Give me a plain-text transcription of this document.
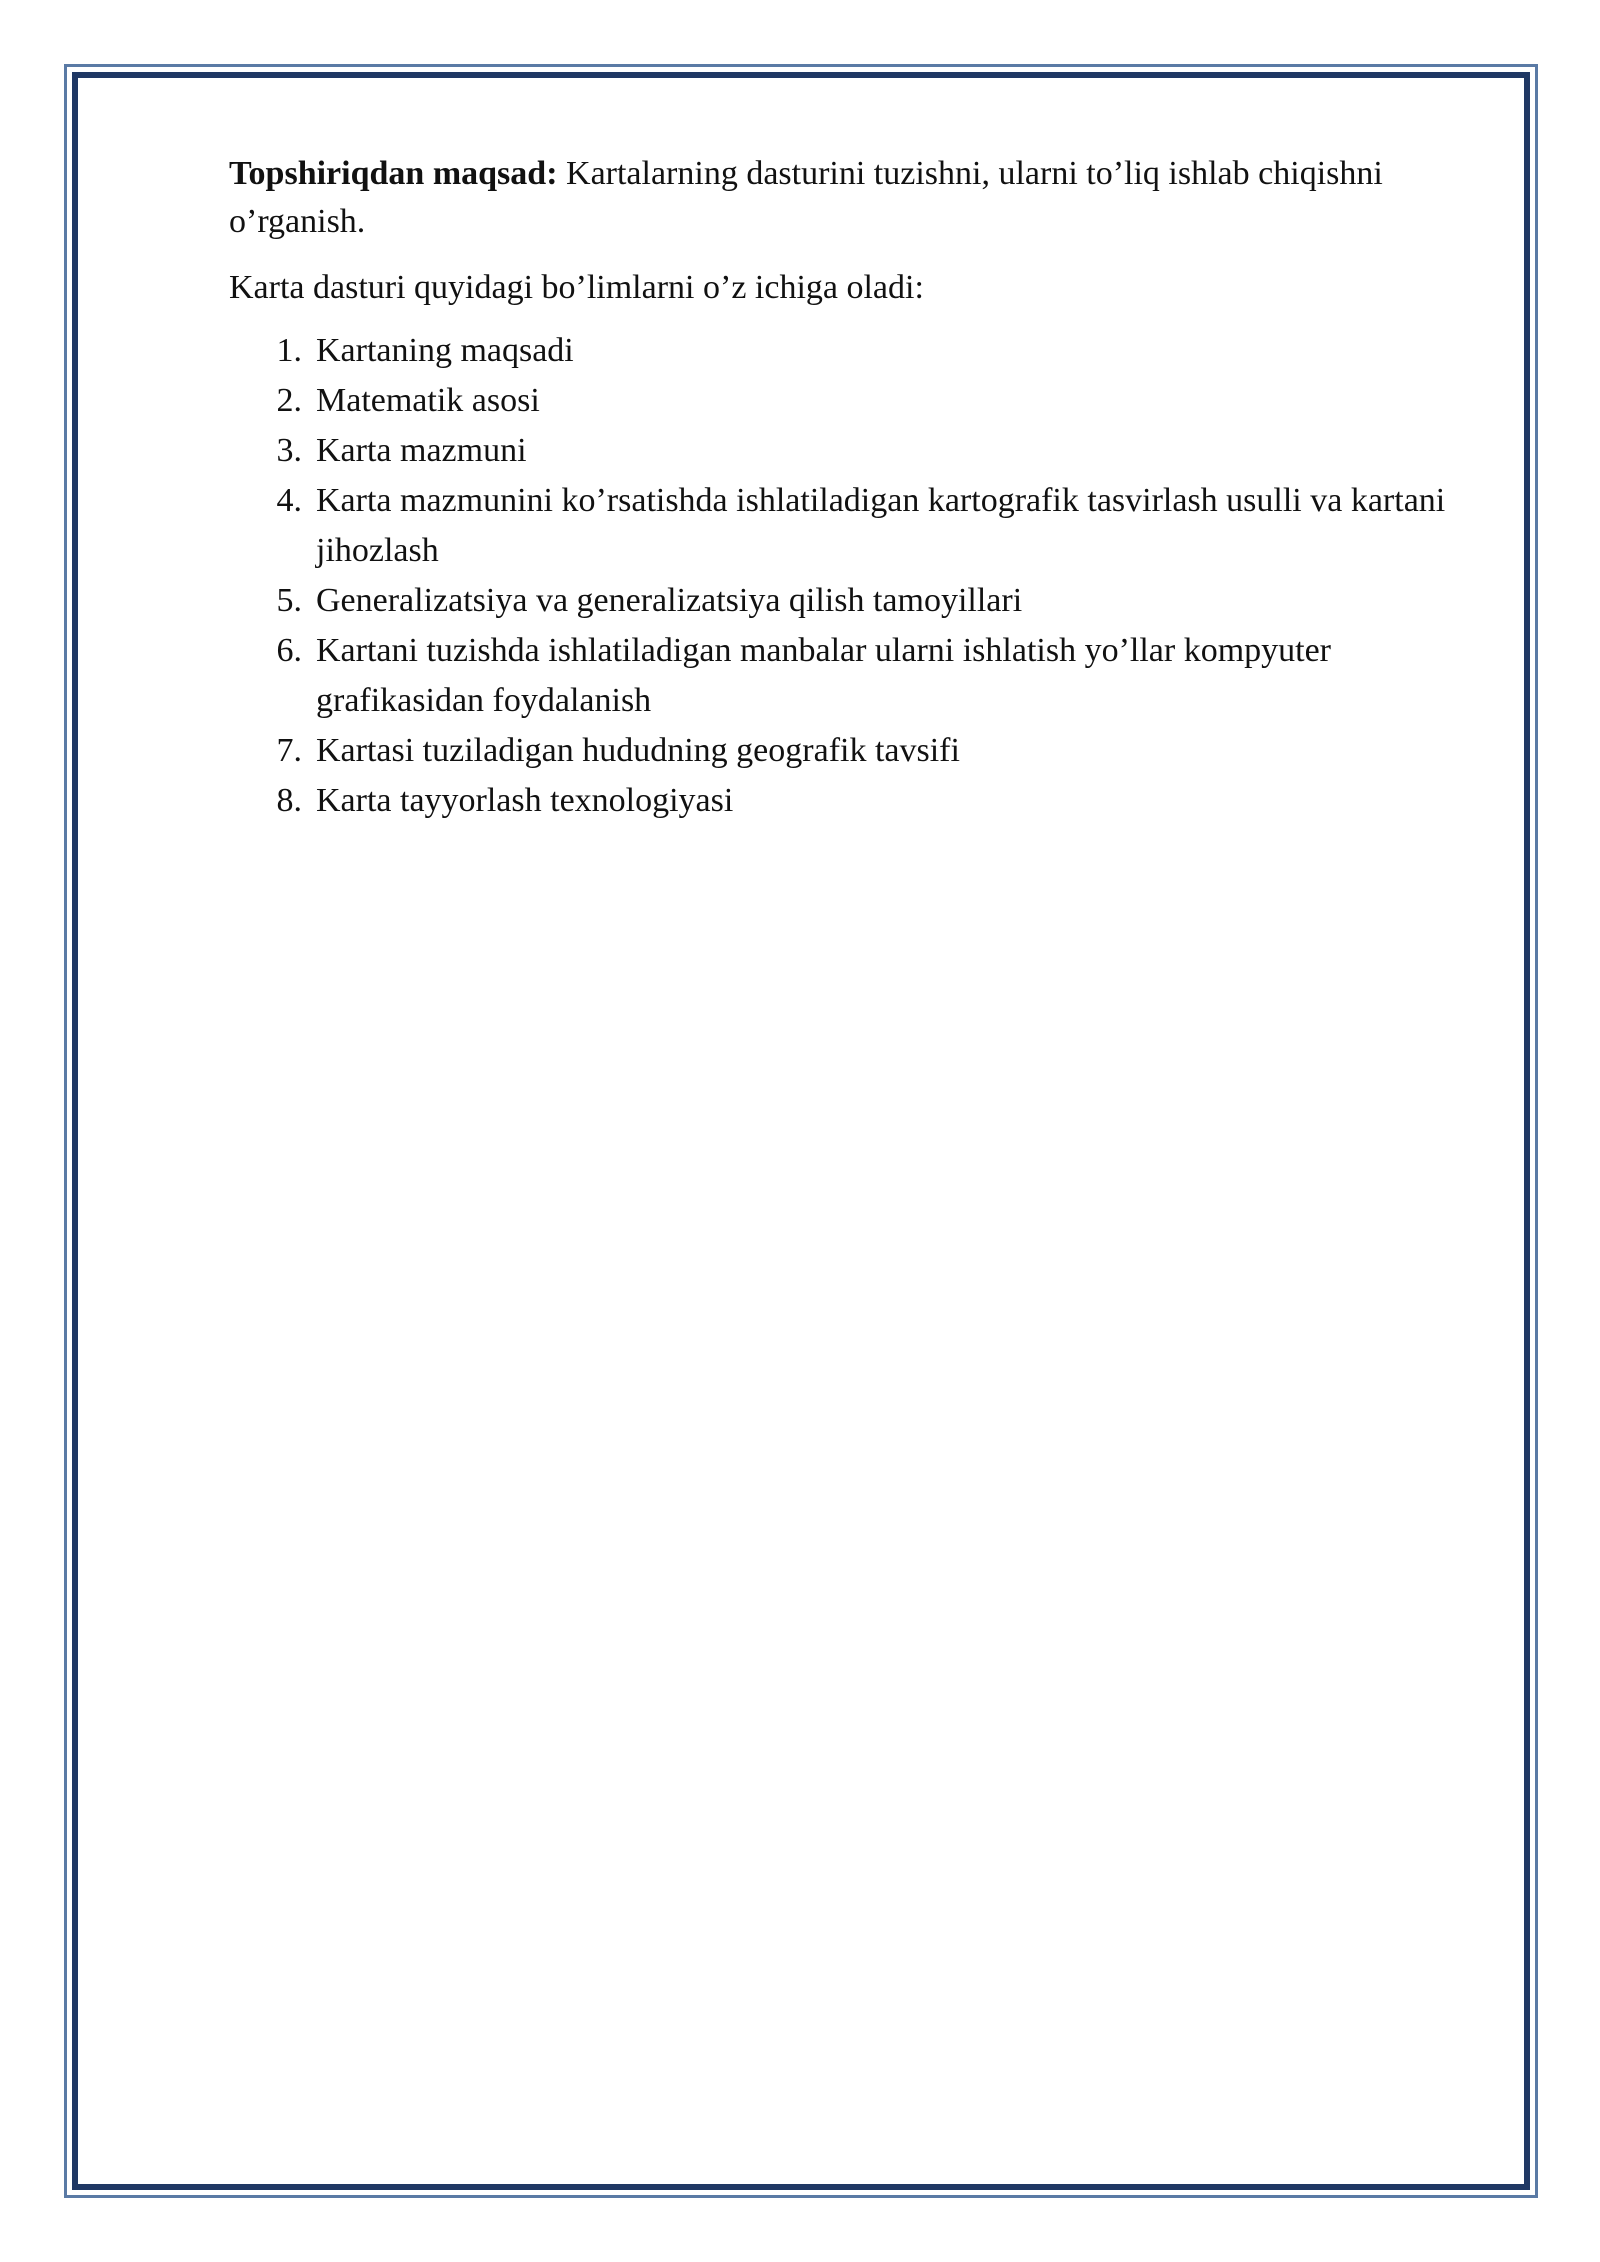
Topshiriqdan maqsad: Kartalarning dasturini tuzishni, ularni to’liq ishlab chiqishni o’rganish.

Karta dasturi quyidagi bo’limlarni o’z ichiga oladi:

1. Kartaning maqsadi
2. Matematik asosi
3. Karta mazmuni
4. Karta mazmunini ko’rsatishda ishlatiladigan kartografik tasvirlash usulli va kartani jihozlash
5. Generalizatsiya va generalizatsiya qilish tamoyillari
6. Kartani tuzishda ishlatiladigan manbalar ularni ishlatish yo’llar kompyuter grafikasidan foydalanish
7. Kartasi tuziladigan hududning geografik tavsifi
8. Karta tayyorlash texnologiyasi
